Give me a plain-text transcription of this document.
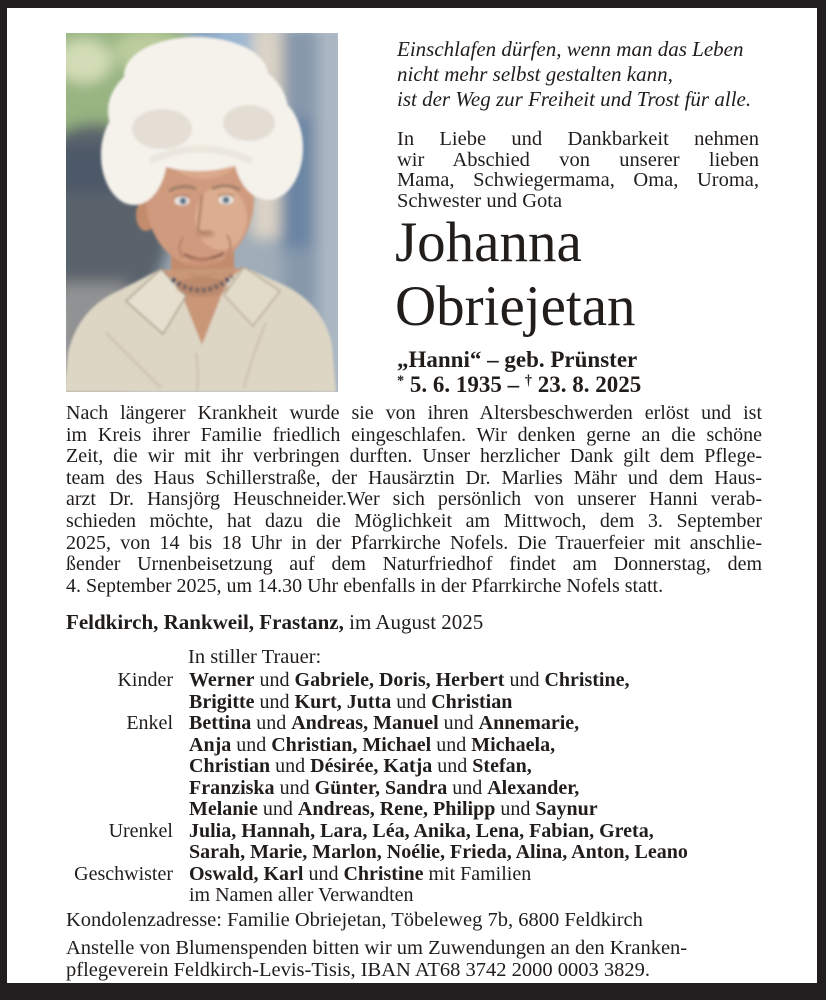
Einschlafen dürfen, wenn man das Leben
nicht mehr selbst gestalten kann,
ist der Weg zur Freiheit und Trost für alle.
In Liebe und Dankbarkeit nehmen
wir Abschied von unserer lieben
Mama, Schwiegermama, Oma, Uroma,
Schwester und Gota
Johanna
Obriejetan
„Hanni“ – geb. Prünster
* 5. 6. 1935 – † 23. 8. 2025
Nach längerer Krankheit wurde sie von ihren Altersbeschwerden erlöst und ist
im Kreis ihrer Familie friedlich eingeschlafen. Wir denken gerne an die schöne
Zeit, die wir mit ihr verbringen durften. Unser herzlicher Dank gilt dem Pflege-
team des Haus Schillerstraße, der Hausärztin Dr. Marlies Mähr und dem Haus-
arzt Dr. Hansjörg Heuschneider.Wer sich persönlich von unserer Hanni verab-
schieden möchte, hat dazu die Möglichkeit am Mittwoch, dem 3. September
2025, von 14 bis 18 Uhr in der Pfarrkirche Nofels. Die Trauerfeier mit anschlie-
ßender Urnenbeisetzung auf dem Naturfriedhof findet am Donnerstag, dem
4. September 2025, um 14.30 Uhr ebenfalls in der Pfarrkirche Nofels statt.
Feldkirch, Rankweil, Frastanz, im August 2025
In stiller Trauer:
Kinder Werner und Gabriele, Doris, Herbert und Christine,
Brigitte und Kurt, Jutta und Christian
Enkel Bettina und Andreas, Manuel und Annemarie,
Anja und Christian, Michael und Michaela,
Christian und Désirée, Katja und Stefan,
Franziska und Günter, Sandra und Alexander,
Melanie und Andreas, Rene, Philipp und Saynur
Urenkel Julia, Hannah, Lara, Léa, Anika, Lena, Fabian, Greta,
Sarah, Marie, Marlon, Noélie, Frieda, Alina, Anton, Leano
Geschwister Oswald, Karl und Christine mit Familien
im Namen aller Verwandten
Kondolenzadresse: Familie Obriejetan, Töbeleweg 7b, 6800 Feldkirch
Anstelle von Blumenspenden bitten wir um Zuwendungen an den Kranken-
pflegeverein Feldkirch-Levis-Tisis, IBAN AT68 3742 2000 0003 3829.
